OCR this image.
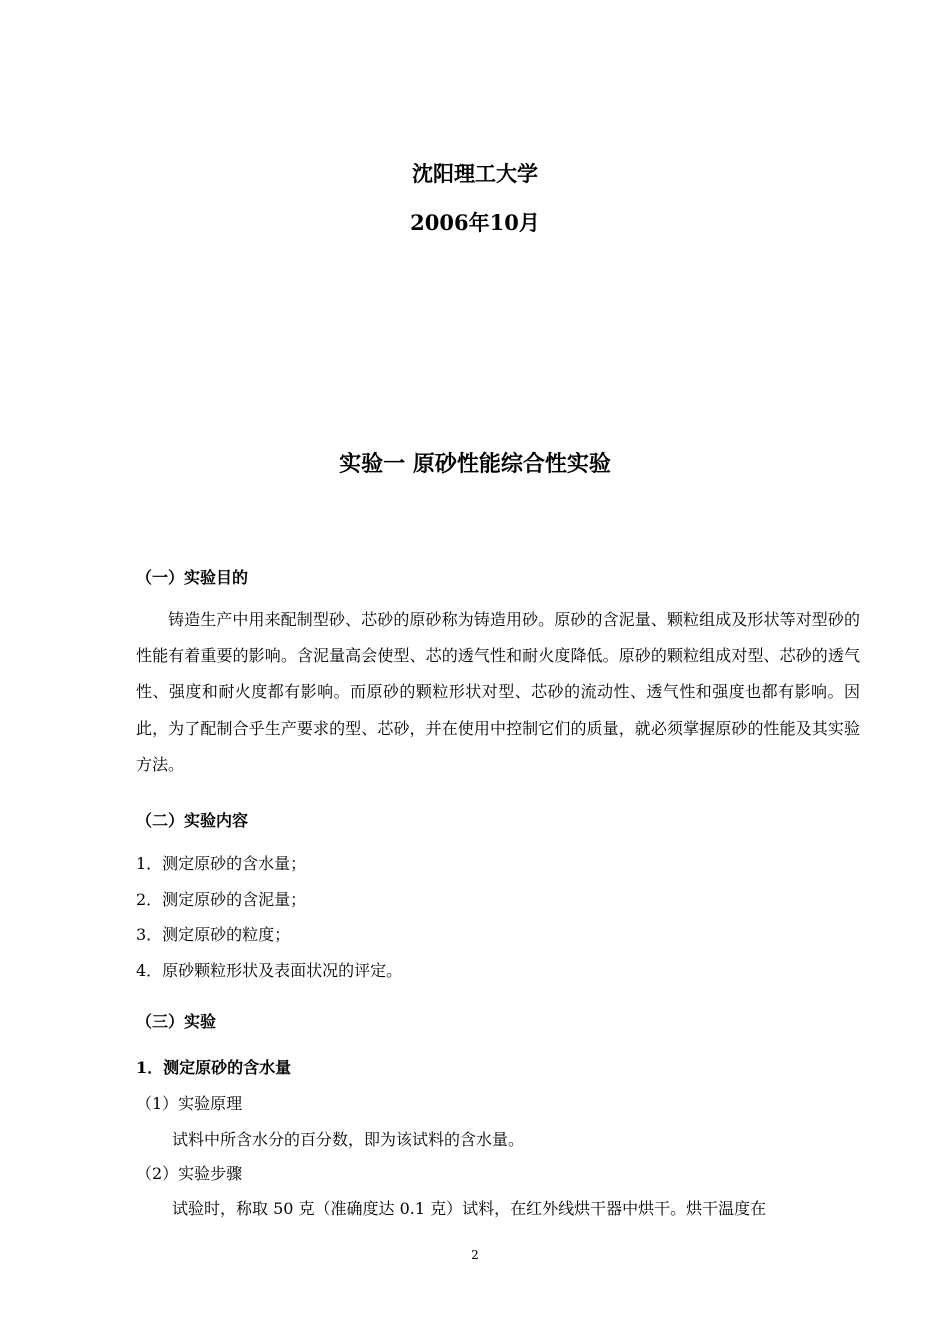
沈阳理工大学
2006年10月
实验一 原砂性能综合性实验
（一）实验目的
铸造生产中用来配制型砂、芯砂的原砂称为铸造用砂。原砂的含泥量、颗粒组成及形状等对型砂的性能有着重要的影响。含泥量高会使型、芯的透气性和耐火度降低。原砂的颗粒组成对型、芯砂的透气性、强度和耐火度都有影响。而原砂的颗粒形状对型、芯砂的流动性、透气性和强度也都有影响。因此，为了配制合乎生产要求的型、芯砂，并在使用中控制它们的质量，就必须掌握原砂的性能及其实验方法。
（二）实验内容
1．测定原砂的含水量；
2．测定原砂的含泥量；
3．测定原砂的粒度；
4．原砂颗粒形状及表面状况的评定。
（三）实验
1．测定原砂的含水量
（1）实验原理
试料中所含水分的百分数，即为该试料的含水量。
（2）实验步骤
试验时，称取 50 克（准确度达 0.1 克）试料，在红外线烘干器中烘干。烘干温度在
2
